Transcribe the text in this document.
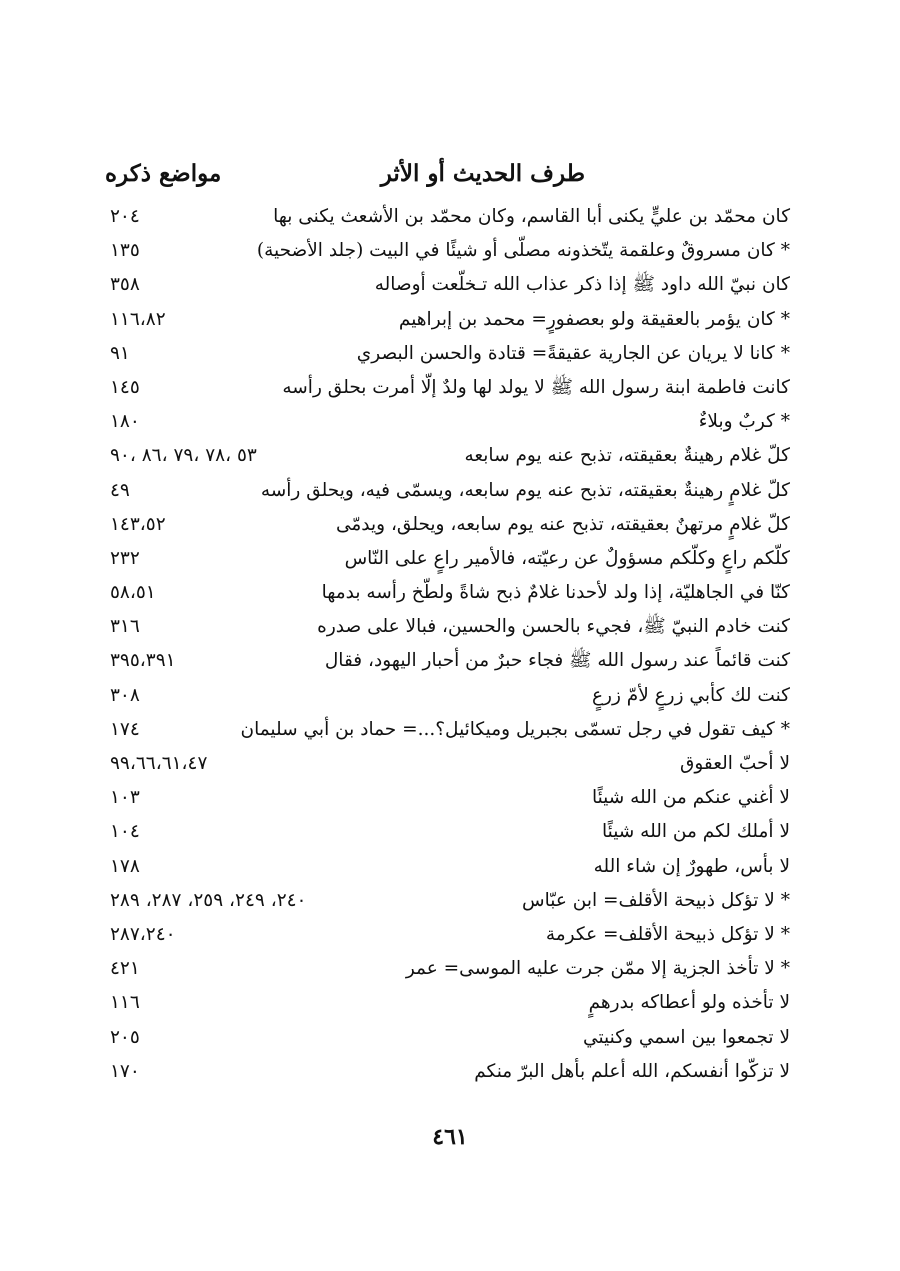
طرف الحديث أو الأثر
مواضع ذكره
كان محمّد بن عليٍّ يكنى أبا القاسم، وكان محمّد بن الأشعث يكنى بها
٢٠٤
* كان مسروقٌ وعلقمة يتّخذونه مصلّى أو شيئًا في البيت (جلد الأضحية)
١٣٥
كان نبيّ الله داود ﷺ إذا ذكر عذاب الله تـخلّعت أوصاله
٣٥٨
* كان يؤمر بالعقيقة ولو بعصفورٍ= محمد بن إبراهيم
١١٦،٨٢
* كانا لا يريان عن الجارية عقيقةً= قتادة والحسن البصري
٩١
كانت فاطمة ابنة رسول الله ﷺ لا يولد لها ولدٌ إلّا أمرت بحلق رأسه
١٤٥
* كربٌ وبلاءٌ
١٨٠
كلّ غلام رهينةٌ بعقيقته، تذبح عنه يوم سابعه
٥٣ ،٧٨ ،٧٩ ،٨٦ ،٩٠
كلّ غلامٍ رهينةٌ بعقيقته، تذبح عنه يوم سابعه، ويسمّى فيه، ويحلق رأسه
٤٩
كلّ غلامٍ مرتهنٌ بعقيقته، تذبح عنه يوم سابعه، ويحلق، ويدمّى
١٤٣،٥٢
كلّكم راعٍ وكلّكم مسؤولٌ عن رعيّته، فالأمير راعٍ على النّاس
٢٣٢
كنّا في الجاهليّة، إذا ولد لأحدنا غلامٌ ذبح شاةً ولطّخ رأسه بدمها
٥٨،٥١
كنت خادم النبيّ ﷺ، فجيء بالحسن والحسين، فبالا على صدره
٣١٦
كنت قائماً عند رسول الله ﷺ فجاء حبرٌ من أحبار اليهود، فقال
٣٩٥،٣٩١
كنت لك كأبي زرعٍ لأمّ زرعٍ
٣٠٨
* كيف تقول في رجل تسمّى بجبريل وميكائيل؟...= حماد بن أبي سليمان
١٧٤
لا أحبّ العقوق
٩٩،٦٦،٦١،٤٧
لا أغني عنكم من الله شيئًا
١٠٣
لا أملك لكم من الله شيئًا
١٠٤
لا بأس، طهورٌ إن شاء الله
١٧٨
* لا تؤكل ذبيحة الأقلف= ابن عبّاس
٢٤٠، ٢٤٩، ٢٥٩، ٢٨٧، ٢٨٩
* لا تؤكل ذبيحة الأقلف= عكرمة
٢٨٧،٢٤٠
* لا تأخذ الجزية إلا ممّن جرت عليه الموسى= عمر
٤٢١
لا تأخذه ولو أعطاكه بدرهمٍ
١١٦
لا تجمعوا بين اسمي وكنيتي
٢٠٥
لا تزكّوا أنفسكم، الله أعلم بأهل البرّ منكم
١٧٠
٤٦١
